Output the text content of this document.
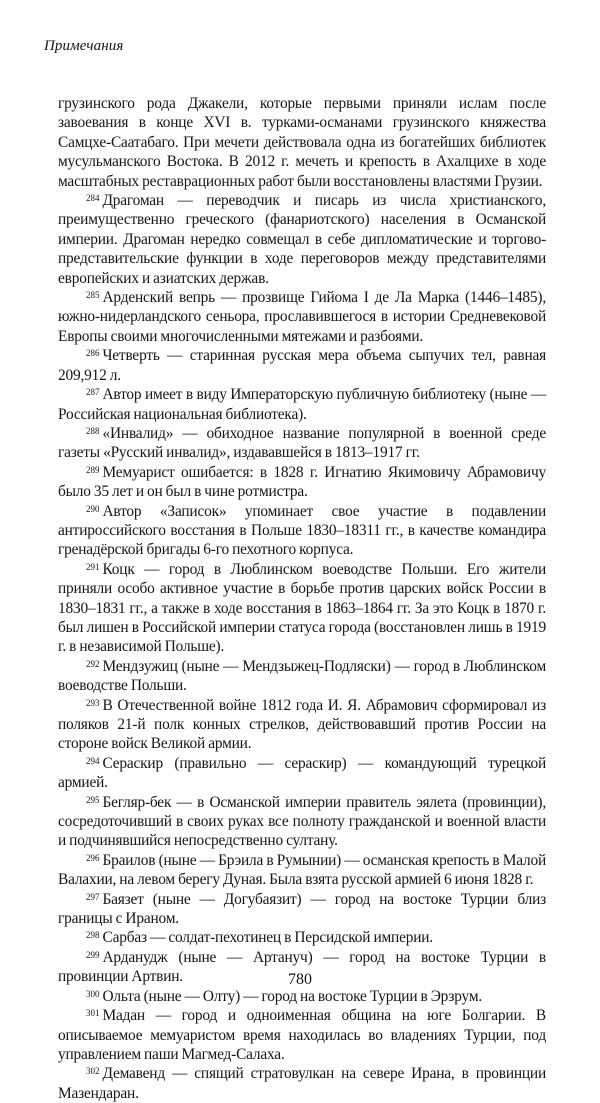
Примечания

грузинского рода Джакели, которые первыми приняли ислам после завоевания в конце XVI в. турками-османами грузинского княжества Самцхе-Саатабаго. При мечети действовала одна из богатейших библиотек мусульманского Востока. В 2012 г. мечеть и крепость в Ахалцихе в ходе масштабных реставрационных работ были восстановлены властями Грузии.

$^{284}$ Драгоман — переводчик и писарь из числа христианского, преимущественно греческого (фанариотского) населения в Османской империи. Драгоман нередко совмещал в себе дипломатические и торгово-представительские функции в ходе переговоров между представителями европейских и азиатских держав.

$^{285}$ Арденский вепрь — прозвище Гийома I де Ла Марка (1446–1485), южно-нидерландского сеньора, прославившегося в истории Средневековой Европы своими многочисленными мятежами и разбоями.

$^{286}$ Четверть — старинная русская мера объема сыпучих тел, равная 209,912 л.

$^{287}$ Автор имеет в виду Императорскую публичную библиотеку (ныне — Российская национальная библиотека).

$^{288}$ «Инвалид» — обиходное название популярной в военной среде газеты «Русский инвалид», издававшейся в 1813–1917 гг.

$^{289}$ Мемуарист ошибается: в 1828 г. Игнатию Якимовичу Абрамовичу было 35 лет и он был в чине ротмистра.

$^{290}$ Автор «Записок» упоминает свое участие в подавлении антироссийского восстания в Польше 1830–18311 гг., в качестве командира гренадёрской бригады 6-го пехотного корпуса.

$^{291}$ Коцк — город в Люблинском воеводстве Польши. Его жители приняли особо активное участие в борьбе против царских войск России в 1830–1831 гг., а также в ходе восстания в 1863–1864 гг. За это Коцк в 1870 г. был лишен в Российской империи статуса города (восстановлен лишь в 1919 г. в независимой Польше).

$^{292}$ Мендзужиц (ныне — Мендзыжец-Подляски) — город в Люблинском воеводстве Польши.

$^{293}$ В Отечественной войне 1812 года И. Я. Абрамович сформировал из поляков 21-й полк конных стрелков, действовавший против России на стороне войск Великой армии.

$^{294}$ Сераскир (правильно — сераскир) — командующий турецкой армией.

$^{295}$ Бегляр-бек — в Османской империи правитель эялета (провинции), сосредоточивший в своих руках все полноту гражданской и военной власти и подчинявшийся непосредственно султану.

$^{296}$ Браилов (ныне — Брэила в Румынии) — османская крепость в Малой Валахии, на левом берегу Дуная. Была взята русской армией 6 июня 1828 г.

$^{297}$ Баязет (ныне — Догубаязит) — город на востоке Турции близ границы с Ираном.

$^{298}$ Сарбаз — солдат-пехотинец в Персидской империи.

$^{299}$ Арданудж (ныне — Артануч) — город на востоке Турции в провинции Артвин.

$^{300}$ Ольта (ныне — Олту) — город на востоке Турции в Эрзрум.

$^{301}$ Мадан — город и одноименная община на юге Болгарии. В описываемое мемуаристом время находилась во владениях Турции, под управлением паши Магмед-Салаха.

$^{302}$ Демавенд — спящий стратовулкан на севере Ирана, в провинции Мазендаран.

780
